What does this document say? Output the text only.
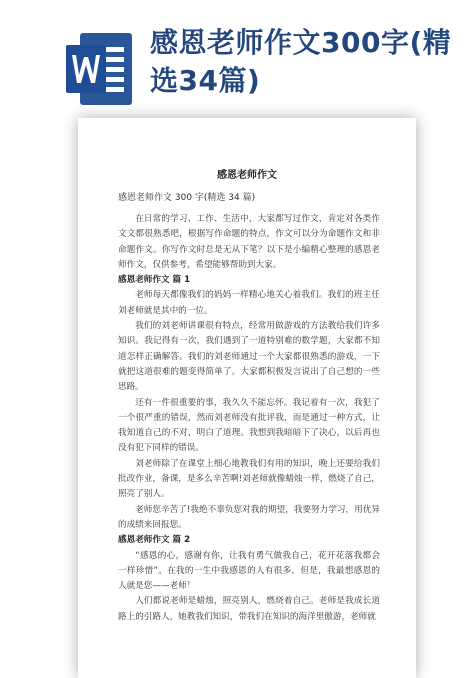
感恩老师作文300字(精选34篇)
感恩老师作文
感恩老师作文 300 字(精选 34 篇)

在日常的学习、工作、生活中，大家都写过作文，肯定对各类作文文都很熟悉吧，根据写作命题的特点，作文可以分为命题作文和非命题作文。你写作文时总是无从下笔？以下是小编精心整理的感恩老师作文，仅供参考，希望能够帮助到大家。

感恩老师作文 篇 1

老师每天都像我们的妈妈一样精心地关心着我们。我们的班主任刘老师就是其中的一位。

我们的刘老师讲课很有特点，经常用做游戏的方法教给我们许多知识。我记得有一次，我们遇到了一道特别难的数学题，大家都不知道怎样正确解答。我们的刘老师通过一个大家都很熟悉的游戏，一下就把这道很难的题变得简单了。大家都积极发言说出了自己想的一些思路。

还有一件很重要的事，我久久不能忘怀。我记着有一次，我犯了一个很严重的错误，然而刘老师没有批评我，而是通过一种方式，让我知道自己的不对，明白了道理。我想到我暗暗下了决心，以后再也没有犯下同样的错误。

刘老师除了在课堂上细心地教我们有用的知识，晚上还要给我们批改作业，备课，是多么辛苦啊!刘老师就像蜡烛一样，燃烧了自己，照亮了别人。

老师您辛苦了!我绝不辜负您对我的期望，我要努力学习，用优异的成绩来回报您。

感恩老师作文 篇 2

“感恩的心，感谢有你，让我有勇气做我自己，花开花落我都会一样珍惜”。在我的一生中我感恩的人有很多，但是，我最想感恩的人就是您——老师！

人们都说老师是蜡烛，照亮别人，燃烧着自己。老师是我成长道路上的引路人，她教我们知识，带我们在知识的海洋里傲游，老师就
